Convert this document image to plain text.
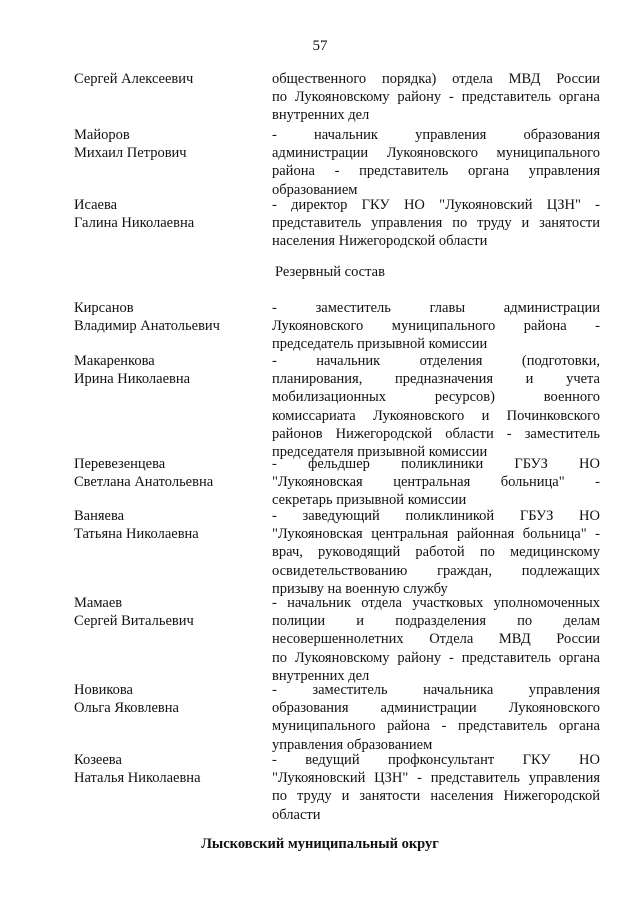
57
Сергей Алексеевич	общественного порядка) отдела МВД России
по Лукояновскому району - представитель органа
внутренних дел
Майоров
Михаил Петрович
- начальник управления образования
администрации Лукояновского муниципального
района - представитель органа управления
образованием
Исаева
Галина Николаевна
- директор ГКУ НО "Лукояновский ЦЗН" -
представитель управления по труду и занятости
населения Нижегородской области
Резервный состав
Кирсанов
Владимир Анатольевич
- заместитель главы администрации
Лукояновского муниципального района -
председатель призывной комиссии
Макаренкова
Ирина Николаевна
- начальник отделения (подготовки,
планирования, предназначения и учета
мобилизационных ресурсов) военного
комиссариата Лукояновского и Починковского
районов Нижегородской области - заместитель
председателя призывной комиссии
Перевезенцева
Светлана Анатольевна
- фельдшер поликлиники ГБУЗ НО
"Лукояновская центральная больница" -
секретарь призывной комиссии
Ваняева
Татьяна Николаевна
- заведующий поликлиникой ГБУЗ НО
"Лукояновская центральная районная больница" -
врач, руководящий работой по медицинскому
освидетельствованию граждан, подлежащих
призыву на военную службу
Мамаев
Сергей Витальевич
- начальник отдела участковых уполномоченных
полиции и подразделения по делам
несовершеннолетних Отдела МВД России
по Лукояновскому району - представитель органа
внутренних дел
Новикова
Ольга Яковлевна
- заместитель начальника управления
образования администрации Лукояновского
муниципального района - представитель органа
управления образованием
Козеева
Наталья Николаевна
- ведущий профконсультант ГКУ НО
"Лукояновский ЦЗН" - представитель управления
по труду и занятости населения Нижегородской
области
Лысковский муниципальный округ
